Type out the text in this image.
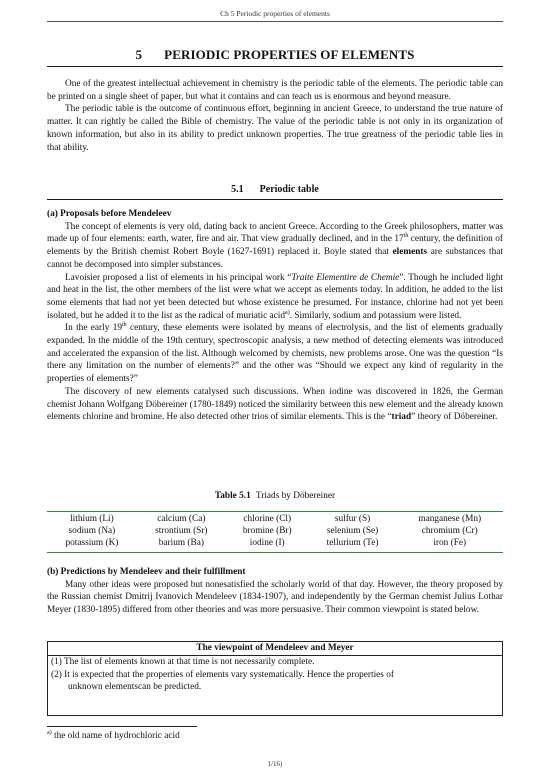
Ch 5 Periodic properties of elements
5 PERIODIC PROPERTIES OF ELEMENTS

One of the greatest intellectual achievement in chemistry is the periodic table of the elements. The periodic table can be printed on a single sheet of paper, but what it contains and can teach us is enormous and beyond measure.

The periodic table is the outcome of continuous effort, beginning in ancient Greece, to understand the true nature of matter. It can rightly be called the Bible of chemistry. The value of the periodic table is not only in its organization of known information, but also in its ability to predict unknown properties. The true greatness of the periodic table lies in that ability.

5.1 Periodic table

(a) Proposals before Mendeleev

The concept of elements is very old, dating back to ancient Greece. According to the Greek philosophers, matter was made up of four elements: earth, water, fire and air. That view gradually declined, and in the 17th century, the definition of elements by the British chemist Robert Boyle (1627-1691) replaced it. Boyle stated that elements are substances that cannot be decomposed into simpler substances.

Lavoisier proposed a list of elements in his principal work “Traite Elementire de Chemie”. Though he included light and heat in the list, the other members of the list were what we accept as elements today. In addition, he added to the list some elements that had not yet been detected but whose existence he presumed. For instance, chlorine had not yet been isolated, but he added it to the list as the radical of muriatic acid$^{a)}$. Similarly, sodium and potassium were listed.

In the early 19th century, these elements were isolated by means of electrolysis, and the list of elements gradually expanded. In the middle of the 19th century, spectroscopic analysis, a new method of detecting elements was introduced and accelerated the expansion of the list. Although welcomed by chemists, new problems arose. One was the question “Is there any limitation on the number of elements?” and the other was “Should we expect any kind of regularity in the properties of elements?”

The discovery of new elements catalysed such discussions. When iodine was discovered in 1826, the German chemist Johann Wolfgang Döbereiner (1780-1849) noticed the similarity between this new element and the already known elements chlorine and bromine. He also detected other trios of similar elements. This is the “triad” theory of Döbereiner.

Table 5.1 Triads by Döbereiner
lithium (Li)	calcium (Ca)	chlorine (Cl)	sulfur (S)	manganese (Mn)
sodium (Na)	strontium (Sr)	bromine (Br)	selenium (Se)	chromium (Cr)
potassium (K)	barium (Ba)	iodine (I)	tellurium (Te)	iron (Fe)

(b) Predictions by Mendeleev and their fulfillment

Many other ideas were proposed but nonesatisfied the scholarly world of that day. However, the theory proposed by the Russian chemist Dmitrij Ivanovich Mendeleev (1834-1907), and independently by the German chemist Julius Lothar Meyer (1830-1895) differed from other theories and was more persuasive. Their common viewpoint is stated below.

The viewpoint of Mendeleev and Meyer
(1) The list of elements known at that time is not necessarily complete.
(2) It is expected that the properties of elements vary systematically. Hence the properties of
unknown elementscan be predicted.
$^{a)}$ the old name of hydrochloric acid
1/16)
